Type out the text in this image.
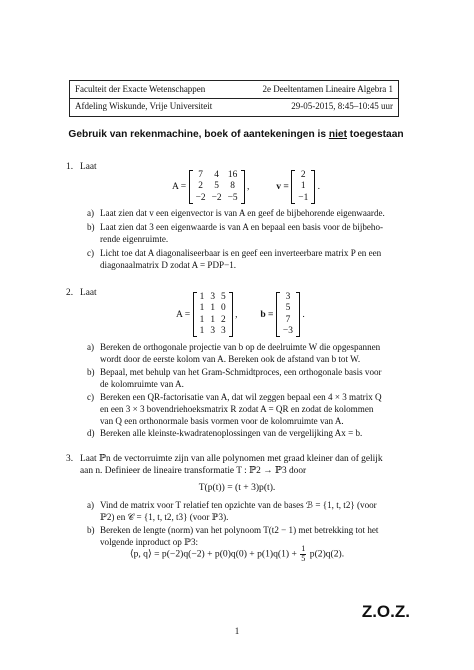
Faculteit der Exacte Wetenschappen	2e Deeltentamen Lineaire Algebra 1
Afdeling Wiskunde, Vrije Universiteit	29-05-2015, 8:45–10:45 uur
Gebruik van rekenmachine, boek of aantekeningen is niet toegestaan
1. Laat
A =
7	4	16
2	5	8
−2	−2	−5
,	v =
2
1
−1
.
a) Laat zien dat v een eigenvector is van A en geef de bijbehorende eigenwaarde.
b) Laat zien dat 3 een eigenwaarde is van A en bepaal een basis voor de bijbeho-
rende eigenruimte.
c) Licht toe dat A diagonaliseerbaar is en geef een inverteerbare matrix P en een
diagonaalmatrix D zodat A = PDP−1.
2. Laat
A =
1	3	5
1	1	0
1	1	2
1	3	3
, b =
3
5
7
−3
.
a) Bereken de orthogonale projectie van b op de deelruimte W die opgespannen
wordt door de eerste kolom van A. Bereken ook de afstand van b tot W.
b) Bepaal, met behulp van het Gram-Schmidtproces, een orthogonale basis voor
de kolomruimte van A.
c) Bereken een QR-factorisatie van A, dat wil zeggen bepaal een 4 × 3 matrix Q
en een 3 × 3 bovendriehoeksmatrix R zodat A = QR en zodat de kolommen
van Q een orthonormale basis vormen voor de kolomruimte van A.
d) Bereken alle kleinste-kwadratenoplossingen van de vergelijking Ax = b.
3. Laat ℙn de vectorruimte zijn van alle polynomen met graad kleiner dan of gelijk
aan n. Definieer de lineaire transformatie T : ℙ2 → ℙ3 door
T(p(t)) = (t + 3)p(t).
a) Vind de matrix voor T relatief ten opzichte van de bases ℬ = {1, t, t2} (voor
ℙ2) en 𝒞 = {1, t, t2, t3} (voor ℙ3).
b) Bereken de lengte (norm) van het polynoom T(t2 − 1) met betrekking tot het
volgende inproduct op ℙ3:
⟨p, q⟩ = $p(-2)q(-2) + p(0)q(0) + p(1)q(1) + \frac{1}{5} p(2)q(2)$.
Z.O.Z.
1
